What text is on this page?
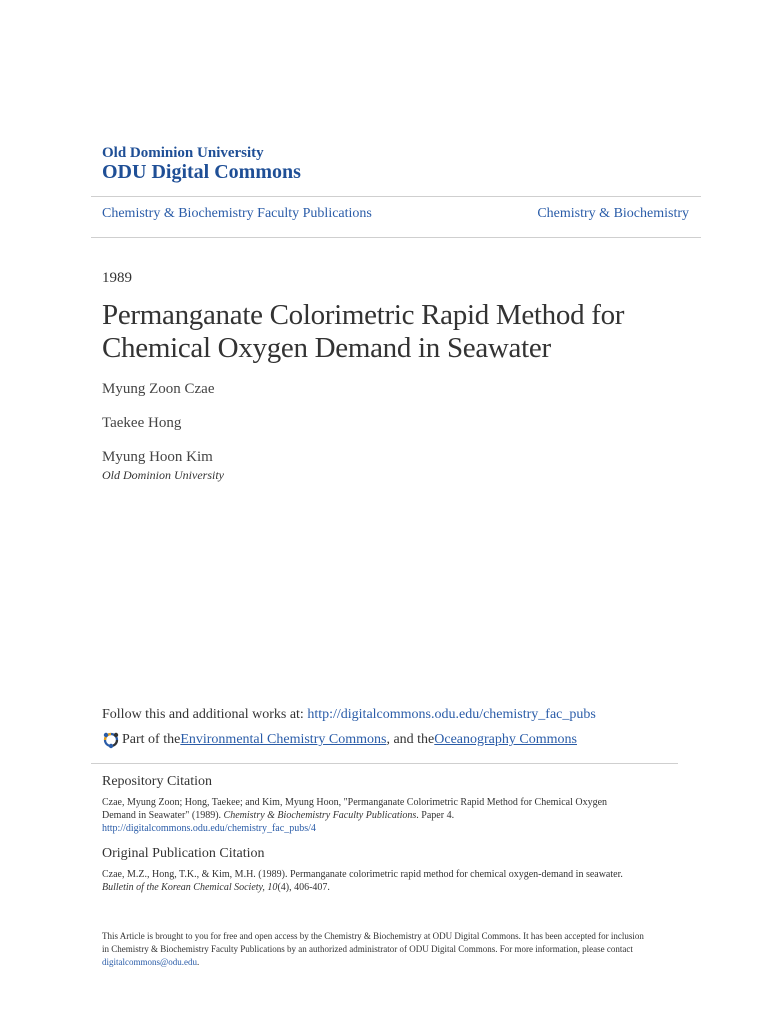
Old Dominion University
ODU Digital Commons
Chemistry & Biochemistry Faculty Publications	Chemistry & Biochemistry
1989
Permanganate Colorimetric Rapid Method for
Chemical Oxygen Demand in Seawater
Myung Zoon Czae
Taekee Hong
Myung Hoon Kim
Old Dominion University
Follow this and additional works at: http://digitalcommons.odu.edu/chemistry_fac_pubs
Part of the Environmental Chemistry Commons , and the Oceanography Commons
Repository Citation
Czae, Myung Zoon; Hong, Taekee; and Kim, Myung Hoon, "Permanganate Colorimetric Rapid Method for Chemical Oxygen
Demand in Seawater" (1989). Chemistry & Biochemistry Faculty Publications. Paper 4.
http://digitalcommons.odu.edu/chemistry_fac_pubs/4
Original Publication Citation
Czae, M.Z., Hong, T.K., & Kim, M.H. (1989). Permanganate colorimetric rapid method for chemical oxygen-demand in seawater.
Bulletin of the Korean Chemical Society, 10(4), 406-407.
This Article is brought to you for free and open access by the Chemistry & Biochemistry at ODU Digital Commons. It has been accepted for inclusion
in Chemistry & Biochemistry Faculty Publications by an authorized administrator of ODU Digital Commons. For more information, please contact
digitalcommons@odu.edu.
